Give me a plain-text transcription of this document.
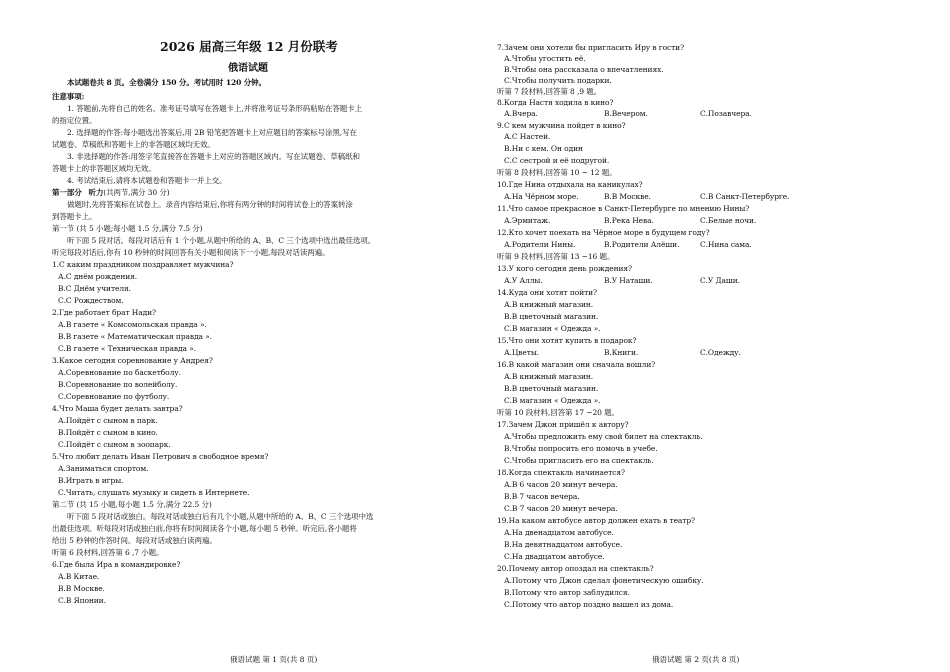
2026 届高三年级 12 月份联考
俄语试题
本试题卷共 8 页。全卷满分 150 分。考试用时 120 分钟。
注意事项:
1. 答题前,先将自己的姓名、准考证号填写在答题卡上,并将准考证号条形码粘贴在答题卡上
的指定位置。
2. 选择题的作答:每小题选出答案后,用 2B 铅笔把答题卡上对应题目的答案标号涂黑,写在
试题卷、草稿纸和答题卡上的非答题区域均无效。
3. 非选择题的作答:用签字笔直接答在答题卡上对应的答题区域内。写在试题卷、草稿纸和
答题卡上的非答题区域均无效。
4. 考试结束后,请将本试题卷和答题卡一并上交。
第一部分 听力(共两节,满分 30 分)
做题时,先将答案标在试卷上。录音内容结束后,你将有两分钟的时间将试卷上的答案转涂
到答题卡上。
第一节 (共 5 小题;每小题 1.5 分,满分 7.5 分)
听下面 5 段对话。每段对话后有 1 个小题,从题中所给的 A、B、C 三个选项中选出最佳选项。
听完每段对话后,你有 10 秒钟的时间回答有关小题和阅读下一小题,每段对话读两遍。
1.С каким праздником поздравляет мужчина?
А.С днём рождения.
В.С Днём учителя.
С.С Рождеством.
2.Где работает брат Нади?
А.В газете « Комсомольская правда ».
В.В газете « Математическая правда ».
С.В газете « Техническая правда ».
3.Какое сегодня соревнование у Андрея?
А.Соревнование по баскетболу.
В.Соревнование по волейболу.
С.Соревнование по футболу.
4.Что Маша будет делать завтра?
А.Пойдёт с сыном в парк.
В.Пойдёт с сыном в кино.
С.Пойдёт с сыном в зоопарк.
5.Что любит делать Иван Петрович в свободное время?
А.Заниматься спортом.
В.Играть в игры.
С.Читать, слушать музыку и сидеть в Интернете.
第二节 (共 15 小题,每小题 1.5 分,满分 22.5 分)
听下面 5 段对话或独白。每段对话或独白后有几个小题,从题中所给的 A、B、C 三个选项中选
出最佳选项。听每段对话或独白前,你将有时间阅读各个小题,每小题 5 秒钟。听完后,各小题将
给出 5 秒钟的作答时间。每段对话或独白读两遍。
听第 6 段材料,回答第 6 ,7 小题。
6.Где была Ира в командировке?
А.В Китае.
В.В Москве.
С.В Японии.
7.Зачем они хотели бы пригласить Иру в гости?
А.Чтобы угостить её.
В.Чтобы она рассказала о впечатлениях.
С.Чтобы получить подарки.
听第 7 段材料,回答第 8 ,9 题。
8.Когда Настя ходила в кино?
А.Вчера.	В.Вечером.	С.Позавчера.
9.С кем мужчина пойдет в кино?
А.С Настей.
В.Ни с кем. Он один
С.С сестрой и её подругой.
听第 8 段材料,回答第 10 ~ 12 题。
10.Где Нина отдыхала на каникулах?
А.На Чёрном море.	В.В Москве.	С.В Санкт-Петербурге.
11.Что самое прекрасное в Санкт-Петербурге по мнению Нины?
А.Эрмитаж.	В.Река Нева.	С.Белые ночи.
12.Кто хочет поехать на Чёрное море в будущем году?
А.Родители Нины.	В.Родители Алёши.	С.Нина сама.
听第 9 段材料,回答第 13 ~16 题。
13.У кого сегодня день рождения?
А.У Аллы.	В.У Наташи.	С.У Даши.
14.Куда они хотят пойти?
А.В книжный магазин.
В.В цветочный магазин.
С.В магазин « Одежда ».
15.Что они хотят купить в подарок?
А.Цветы.	В.Книги.	С.Одежду.
16.В какой магазин они сначала вошли?
А.В книжный магазин.
В.В цветочный магазин.
С.В магазин « Одежда ».
听第 10 段材料,回答第 17 ~20 题。
17.Зачем Джон пришёл к автору?
А.Чтобы предложить ему свой билет на спектакль.
В.Чтобы попросить его помочь в учебе.
С.Чтобы пригласить его на спектакль.
18.Когда спектакль начинается?
А.В 6 часов 20 минут вечера.
В.В 7 часов вечера.
С.В 7 часов 20 минут вечера.
19.На каком автобусе автор должен ехать в театр?
А.На двенадцатом автобусе.
В.На девятнадцатом автобусе.
С.На двадцатом автобусе.
20.Почему автор опоздал на спектакль?
А.Потому что Джон сделал фонетическую ошибку.
В.Потому что автор заблудился.
С.Потому что автор поздно вышел из дома.
俄语试题 第 1 页(共 8 页)	俄语试题 第 2 页(共 8 页)
